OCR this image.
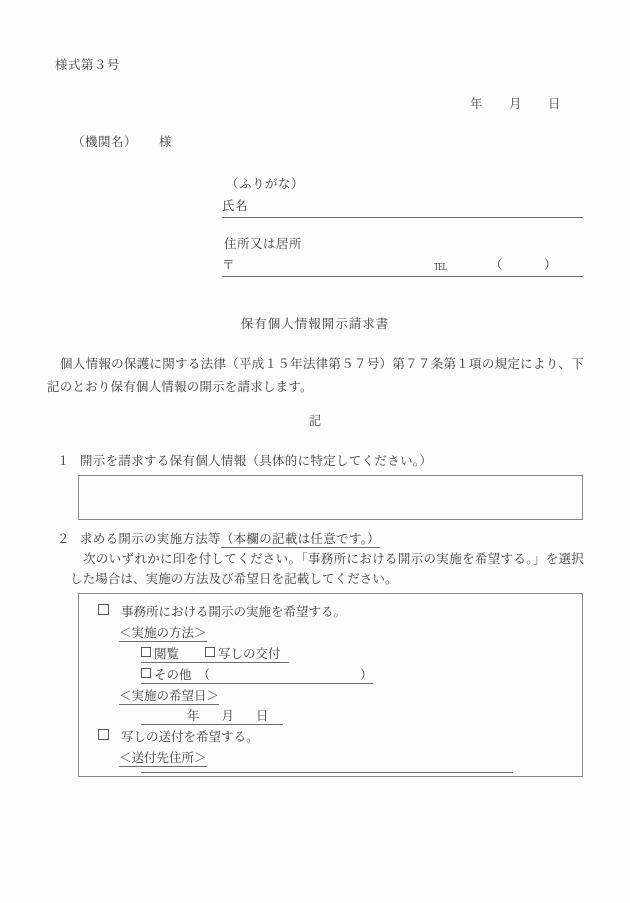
様式第３号
年 月 日
（機関名） 様
（ふりがな）
氏名
住所又は居所
〒	TEL	（	）
保有個人情報開示請求書
個人情報の保護に関する法律（平成１５年法律第５７号）第７７条第１項の規定により、下記のとおり保有個人情報の開示を請求します。
記
１ 開示を請求する保有個人情報（具体的に特定してください。）
２ 求める開示の実施方法等（本欄の記載は任意です。）
次のいずれかに印を付してください。「事務所における開示の実施を希望する。」を選択した場合は、実施の方法及び希望日を記載してください。
事務所における開示の実施を希望する。
＜実施の方法＞
閲覧	写しの交付
その他 （	）
＜実施の希望日＞
年 月 日
写しの送付を希望する。
＜送付先住所＞
